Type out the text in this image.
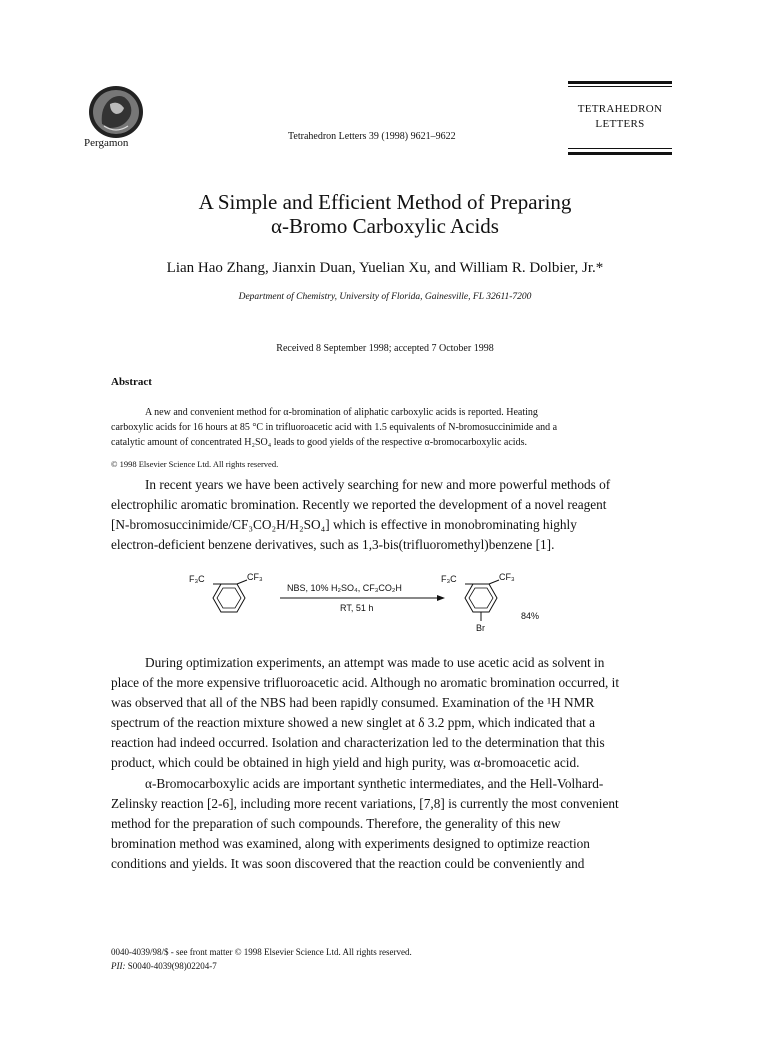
Pergamon
Tetrahedron Letters 39 (1998) 9621–9622
TETRAHEDRON
LETTERS
A Simple and Efficient Method of Preparing
α-Bromo Carboxylic Acids
Lian Hao Zhang, Jianxin Duan, Yuelian Xu, and William R. Dolbier, Jr.*
Department of Chemistry, University of Florida, Gainesville, FL 32611-7200
Received 8 September 1998; accepted 7 October 1998
Abstract
A new and convenient method for α-bromination of aliphatic carboxylic acids is reported. Heating
carboxylic acids for 16 hours at 85 °C in trifluoroacetic acid with 1.5 equivalents of N-bromosuccinimide and a
catalytic amount of concentrated H₂SO₄ leads to good yields of the respective α-bromocarboxylic acids.
© 1998 Elsevier Science Ltd. All rights reserved.
In recent years we have been actively searching for new and more powerful methods of
electrophilic aromatic bromination. Recently we reported the development of a novel reagent
[N-bromosuccinimide/CF₃CO₂H/H₂SO₄] which is effective in monobrominating highly
electron-deficient benzene derivatives, such as 1,3-bis(trifluoromethyl)benzene [1].
F₃C	CF₃
NBS, 10% H₂SO₄, CF₃CO₂H
RT, 51 h
F₃C	CF₃
Br
84%
During optimization experiments, an attempt was made to use acetic acid as solvent in
place of the more expensive trifluoroacetic acid. Although no aromatic bromination occurred, it
was observed that all of the NBS had been rapidly consumed. Examination of the ¹H NMR
spectrum of the reaction mixture showed a new singlet at δ 3.2 ppm, which indicated that a
reaction had indeed occurred. Isolation and characterization led to the determination that this
product, which could be obtained in high yield and high purity, was α-bromoacetic acid.
α-Bromocarboxylic acids are important synthetic intermediates, and the Hell-Volhard-
Zelinsky reaction [2-6], including more recent variations, [7,8] is currently the most convenient
method for the preparation of such compounds. Therefore, the generality of this new
bromination method was examined, along with experiments designed to optimize reaction
conditions and yields. It was soon discovered that the reaction could be conveniently and
0040-4039/98/$ - see front matter © 1998 Elsevier Science Ltd. All rights reserved.
PII: S0040-4039(98)02204-7
